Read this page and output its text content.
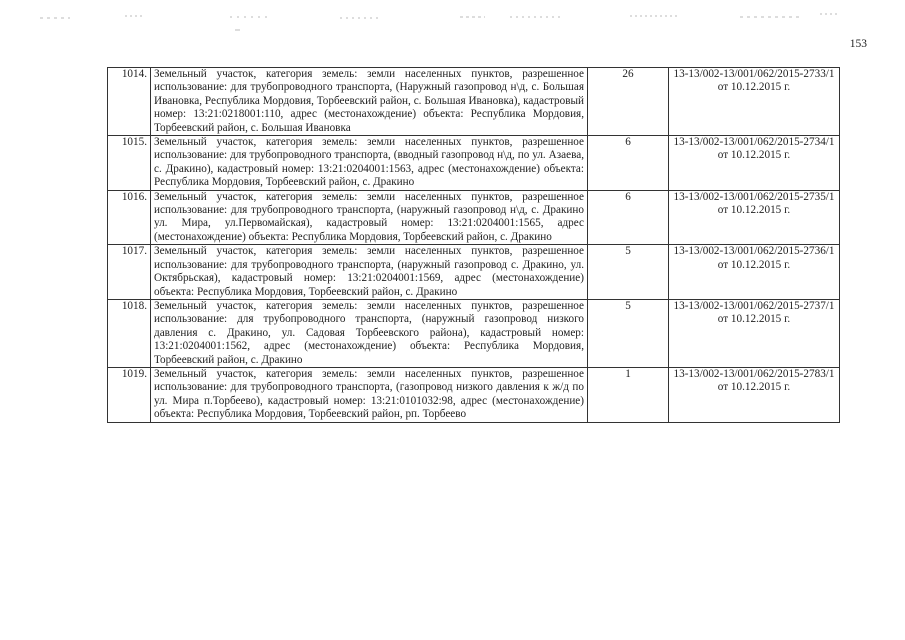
153
1014.	Земельный участок, категория земель: земли населенных пунктов, разрешенное использование: для трубопроводного транспорта, (Наружный газопровод н\д, с. Большая Ивановка, Республика Мордовия, Торбеевский район, с. Большая Ивановка), кадастровый номер: 13:21:0218001:110, адрес (местонахождение) объекта: Республика Мордовия, Торбеевский район, с. Большая Ивановка	26	13-13/002-13/001/062/2015-2733/1 от 10.12.2015 г.
1015.	Земельный участок, категория земель: земли населенных пунктов, разрешенное использование: для трубопроводного транспорта, (вводный газопровод н\д, по ул. Азаева, с. Дракино), кадастровый номер: 13:21:0204001:1563, адрес (местонахождение) объекта: Республика Мордовия, Торбеевский район, с. Дракино	6	13-13/002-13/001/062/2015-2734/1 от 10.12.2015 г.
1016.	Земельный участок, категория земель: земли населенных пунктов, разрешенное использование: для трубопроводного транспорта, (наружный газопровод н\д, с. Дракино ул. Мира, ул.Первомайская), кадастровый номер: 13:21:0204001:1565, адрес (местонахождение) объекта: Республика Мордовия, Торбеевский район, с. Дракино	6	13-13/002-13/001/062/2015-2735/1 от 10.12.2015 г.
1017.	Земельный участок, категория земель: земли населенных пунктов, разрешенное использование: для трубопроводного транспорта, (наружный газопровод с. Дракино, ул. Октябрьская), кадастровый номер: 13:21:0204001:1569, адрес (местонахождение) объекта: Республика Мордовия, Торбеевский район, с. Дракино	5	13-13/002-13/001/062/2015-2736/1 от 10.12.2015 г.
1018.	Земельный участок, категория земель: земли населенных пунктов, разрешенное использование: для трубопроводного транспорта, (наружный газопровод низкого давления с. Дракино, ул. Садовая Торбеевского района), кадастровый номер: 13:21:0204001:1562, адрес (местонахождение) объекта: Республика Мордовия, Торбеевский район, с. Дракино	5	13-13/002-13/001/062/2015-2737/1 от 10.12.2015 г.
1019.	Земельный участок, категория земель: земли населенных пунктов, разрешенное использование: для трубопроводного транспорта, (газопровод низкого давления к ж/д по ул. Мира п.Торбеево), кадастровый номер: 13:21:0101032:98, адрес (местонахождение) объекта: Республика Мордовия, Торбеевский район, рп. Торбеево	1	13-13/002-13/001/062/2015-2783/1 от 10.12.2015 г.
